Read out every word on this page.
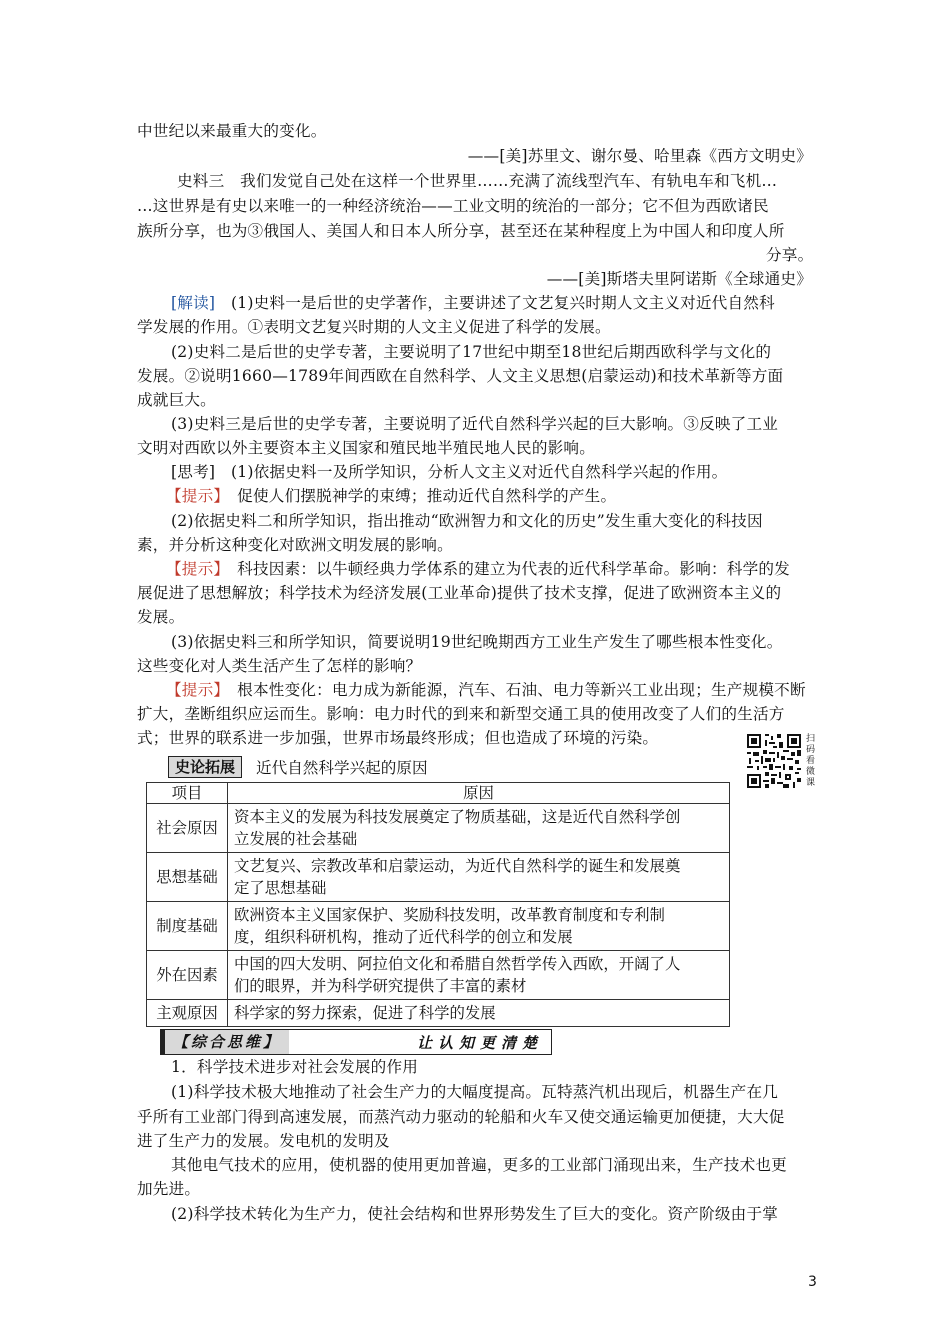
中世纪以来最重大的变化。
——[美]苏里文、谢尔曼、哈里森《西方文明史》
史料三　我们发觉自己处在这样一个世界里……充满了流线型汽车、有轨电车和飞机…
…这世界是有史以来唯一的一种经济统治——工业文明的统治的一部分；它不但为西欧诸民
族所分享，也为③俄国人、美国人和日本人所分享，甚至还在某种程度上为中国人和印度人所
分享。
——[美]斯塔夫里阿诺斯《全球通史》
[解读]　(1)史料一是后世的史学著作，主要讲述了文艺复兴时期人文主义对近代自然科
学发展的作用。①表明文艺复兴时期的人文主义促进了科学的发展。
(2)史料二是后世的史学专著，主要说明了17世纪中期至18世纪后期西欧科学与文化的
发展。②说明1660—1789年间西欧在自然科学、人文主义思想(启蒙运动)和技术革新等方面
成就巨大。
(3)史料三是后世的史学专著，主要说明了近代自然科学兴起的巨大影响。③反映了工业
文明对西欧以外主要资本主义国家和殖民地半殖民地人民的影响。
[思考]　(1)依据史料一及所学知识，分析人文主义对近代自然科学兴起的作用。
【提示】　促使人们摆脱神学的束缚；推动近代自然科学的产生。
(2)依据史料二和所学知识，指出推动“欧洲智力和文化的历史”发生重大变化的科技因
素，并分析这种变化对欧洲文明发展的影响。
【提示】　科技因素：以牛顿经典力学体系的建立为代表的近代科学革命。影响：科学的发
展促进了思想解放；科学技术为经济发展(工业革命)提供了技术支撑，促进了欧洲资本主义的
发展。
(3)依据史料三和所学知识，简要说明19世纪晚期西方工业生产发生了哪些根本性变化。
这些变化对人类生活产生了怎样的影响？
【提示】　根本性变化：电力成为新能源，汽车、石油、电力等新兴工业出现；生产规模不断
扩大，垄断组织应运而生。影响：电力时代的到来和新型交通工具的使用改变了人们的生活方
式；世界的联系进一步加强，世界市场最终形成；但也造成了环境的污染。
史论拓展	近代自然科学兴起的原因
扫码看微课
项目	原因
社会原因	资本主义的发展为科技发展奠定了物质基础，这是近代自然科学创
立发展的社会基础
思想基础	文艺复兴、宗教改革和启蒙运动，为近代自然科学的诞生和发展奠
定了思想基础
制度基础	欧洲资本主义国家保护、奖励科技发明，改革教育制度和专利制
度，组织科研机构，推动了近代科学的创立和发展
外在因素	中国的四大发明、阿拉伯文化和希腊自然哲学传入西欧，开阔了人
们的眼界，并为科学研究提供了丰富的素材
主观原因	科学家的努力探索，促进了科学的发展
【综合思维】	让认知更清楚
1．科学技术进步对社会发展的作用
(1)科学技术极大地推动了社会生产力的大幅度提高。瓦特蒸汽机出现后，机器生产在几
乎所有工业部门得到高速发展，而蒸汽动力驱动的轮船和火车又使交通运输更加便捷，大大促
进了生产力的发展。发电机的发明及
其他电气技术的应用，使机器的使用更加普遍，更多的工业部门涌现出来，生产技术也更
加先进。
(2)科学技术转化为生产力，使社会结构和世界形势发生了巨大的变化。资产阶级由于掌
3
